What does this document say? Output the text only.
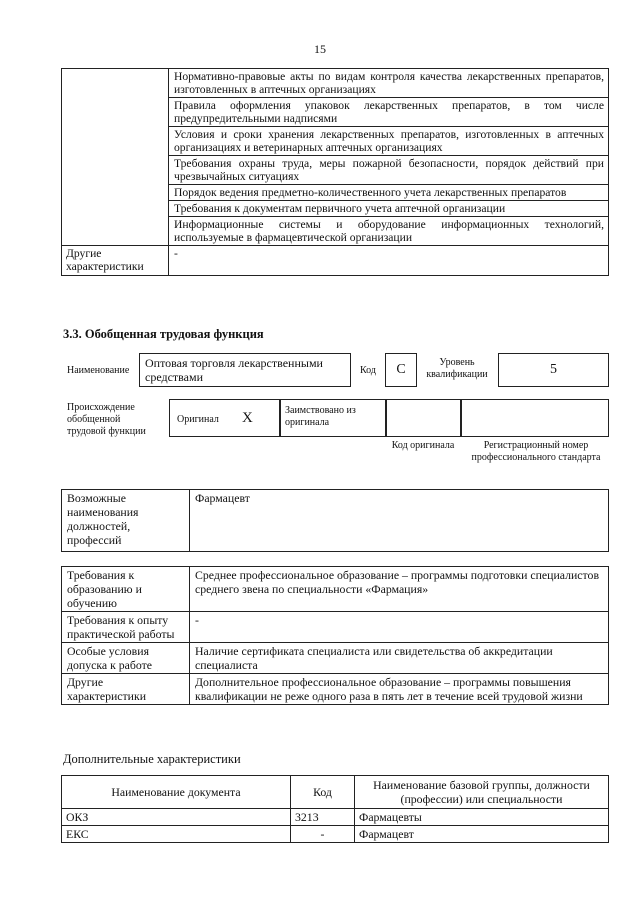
15
	Нормативно-правовые акты по видам контроля качества лекарственных препаратов, изготовленных в аптечных организациях
	Правила оформления упаковок лекарственных препаратов, в том числе предупредительными надписями
	Условия и сроки хранения лекарственных препаратов, изготовленных в аптечных организациях и ветеринарных аптечных организациях
	Требования охраны труда, меры пожарной безопасности, порядок действий при чрезвычайных ситуациях
	Порядок ведения предметно-количественного учета лекарственных препаратов
	Требования к документам первичного учета аптечной организации
	Информационные системы и оборудование информационных технологий, используемые в фармацевтической организации
Другие характеристики	-
3.3. Обобщенная трудовая функция
Наименование
Оптовая торговля лекарственными средствами	Код	C	Уровень квалификации	5
Происхождение обобщенной трудовой функции
Оригинал X	Заимствовано из оригинала
Код оригинала	Регистрационный номер профессионального стандарта
Возможные наименования должностей, профессий	Фармацевт
Требования к образованию и обучению	Среднее профессиональное образование – программы подготовки специалистов среднего звена по специальности «Фармация»
Требования к опыту практической работы	-
Особые условия допуска к работе	Наличие сертификата специалиста или свидетельства об аккредитации специалиста
Другие характеристики	Дополнительное профессиональное образование – программы повышения квалификации не реже одного раза в пять лет в течение всей трудовой жизни
Дополнительные характеристики
Наименование документа	Код	Наименование базовой группы, должности (профессии) или специальности
ОКЗ	3213	Фармацевты
ЕКС	-	Фармацевт
